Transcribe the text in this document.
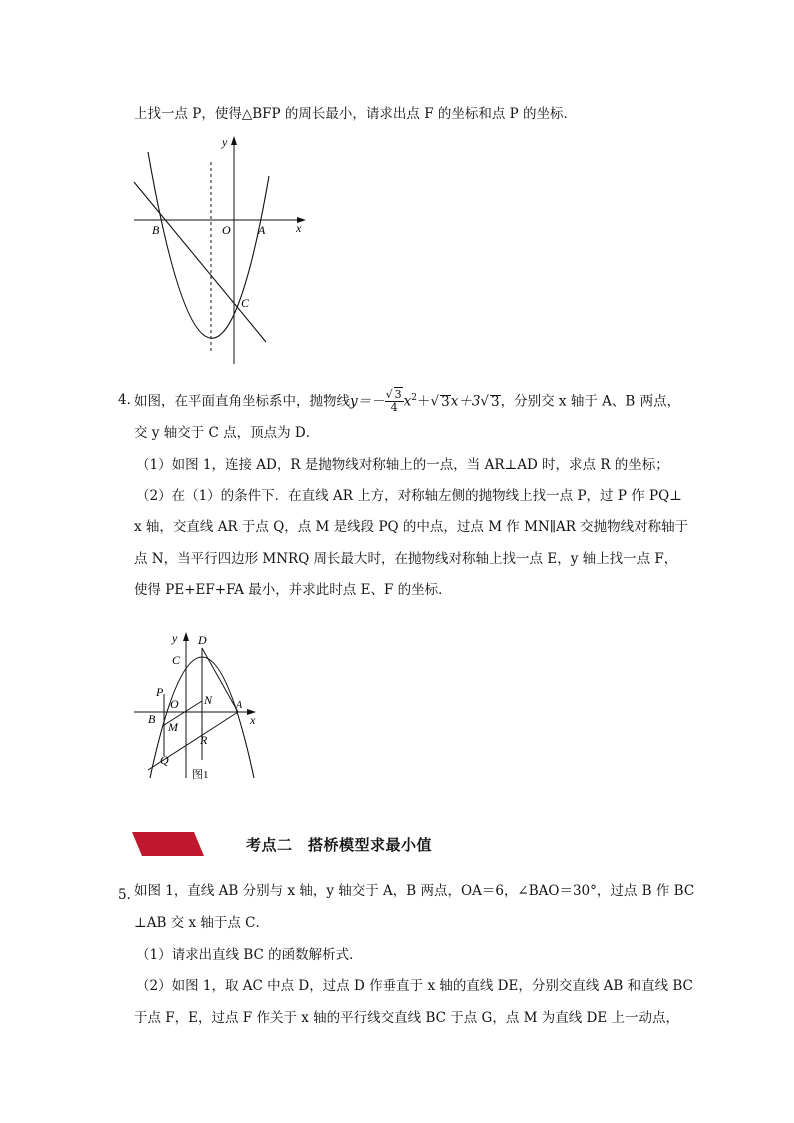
上找一点 P，使得△BFP 的周长最小，请求出点 F 的坐标和点 P 的坐标．
B	O A	x
y
C
4．
如图，在平面直角坐标系中，抛物线$y=- \frac{√ 3}{4} x^2+√$ 3x＋3√ 3，分别交 x 轴于 A、B 两点，
交 y 轴交于 C 点，顶点为 D．
（1）如图 1，连接 AD，R 是抛物线对称轴上的一点，当 AR⊥AD 时，求点 R 的坐标；
（2）在（1）的条件下．在直线 AR 上方，对称轴左侧的抛物线上找一点 P，过 P 作 PQ⊥
x 轴，交直线 AR 于点 Q，点 M 是线段 PQ 的中点，过点 M 作 MN∥AR 交抛物线对称轴于
点 N，当平行四边形 MNRQ 周长最大时，在抛物线对称轴上找一点 E，y 轴上找一点 F，
使得 PE+EF+FA 最小，并求此时点 E、F 的坐标．
y D
C
P
O N
B
M
A
x
R
Q
图1
考点二　搭桥模型求最小值
5．
如图 1，直线 AB 分别与 x 轴，y 轴交于 A，B 两点，OA＝6，∠BAO＝30°，过点 B 作 BC
⊥AB 交 x 轴于点 C．
（1）请求出直线 BC 的函数解析式．
（2）如图 1，取 AC 中点 D，过点 D 作垂直于 x 轴的直线 DE，分别交直线 AB 和直线 BC
于点 F，E，过点 F 作关于 x 轴的平行线交直线 BC 于点 G，点 M 为直线 DE 上一动点，
